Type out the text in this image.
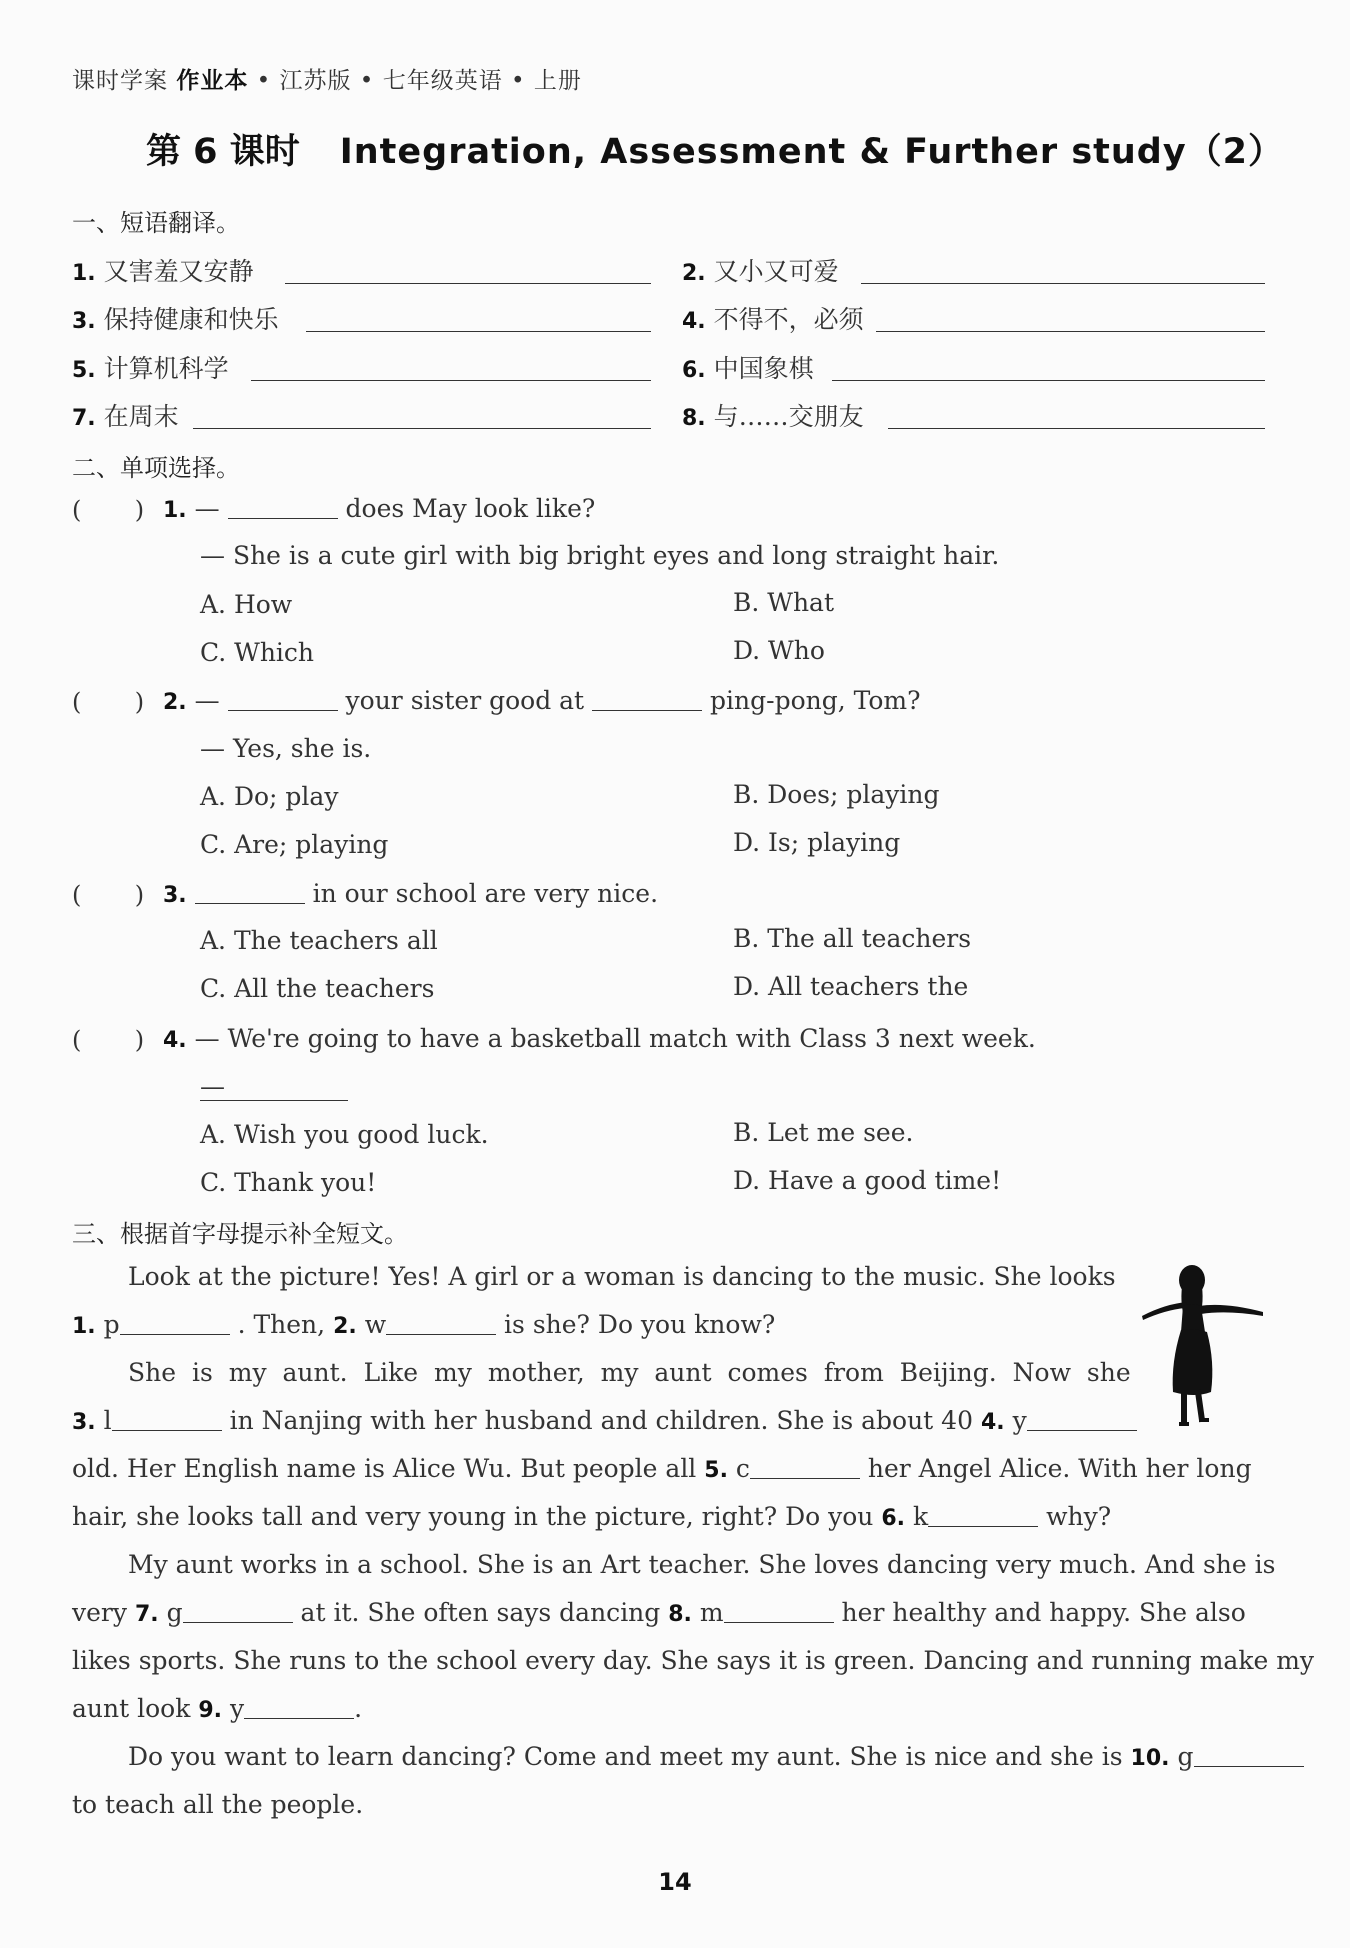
课时学案 作业本 • 江苏版 • 七年级英语 • 上册
第 6 课时 Integration, Assessment & Further study（2）
一、短语翻译。
1. 又害羞又安静	2. 又小又可爱
3. 保持健康和快乐	4. 不得不，必须
5. 计算机科学	6. 中国象棋
7. 在周末	8. 与……交朋友
二、单项选择。
(       ) 1. —	does May look like?
— She is a cute girl with big bright eyes and long straight hair.
A. How	B. What
C. Which	D. Who
(       ) 2. —	your sister good at	ping-pong, Tom?
— Yes, she is.
A. Do; play	B. Does; playing
C. Are; playing	D. Is; playing
(       ) 3.	in our school are very nice.
A. The teachers all	B. The all teachers
C. All the teachers	D. All teachers the
(       ) 4. — We're going to have a basketball match with Class 3 next week.
—
A. Wish you good luck.	B. Let me see.
C. Thank you!	D. Have a good time!
三、根据首字母提示补全短文。
Look at the picture! Yes! A girl or a woman is dancing to the music. She looks
1. p	. Then, 2. w	is she? Do you know?
She is my aunt. Like my mother, my aunt comes from Beijing. Now she
3. l	in Nanjing with her husband and children. She is about 40 4. y
old. Her English name is Alice Wu. But people all 5. c	her Angel Alice. With her long
hair, she looks tall and very young in the picture, right? Do you 6. k	why?
My aunt works in a school. She is an Art teacher. She loves dancing very much. And she is
very 7. g	at it. She often says dancing 8. m	her healthy and happy. She also
likes sports. She runs to the school every day. She says it is green. Dancing and running make my
aunt look 9. y	.
Do you want to learn dancing? Come and meet my aunt. She is nice and she is 10. g
to teach all the people.
14
